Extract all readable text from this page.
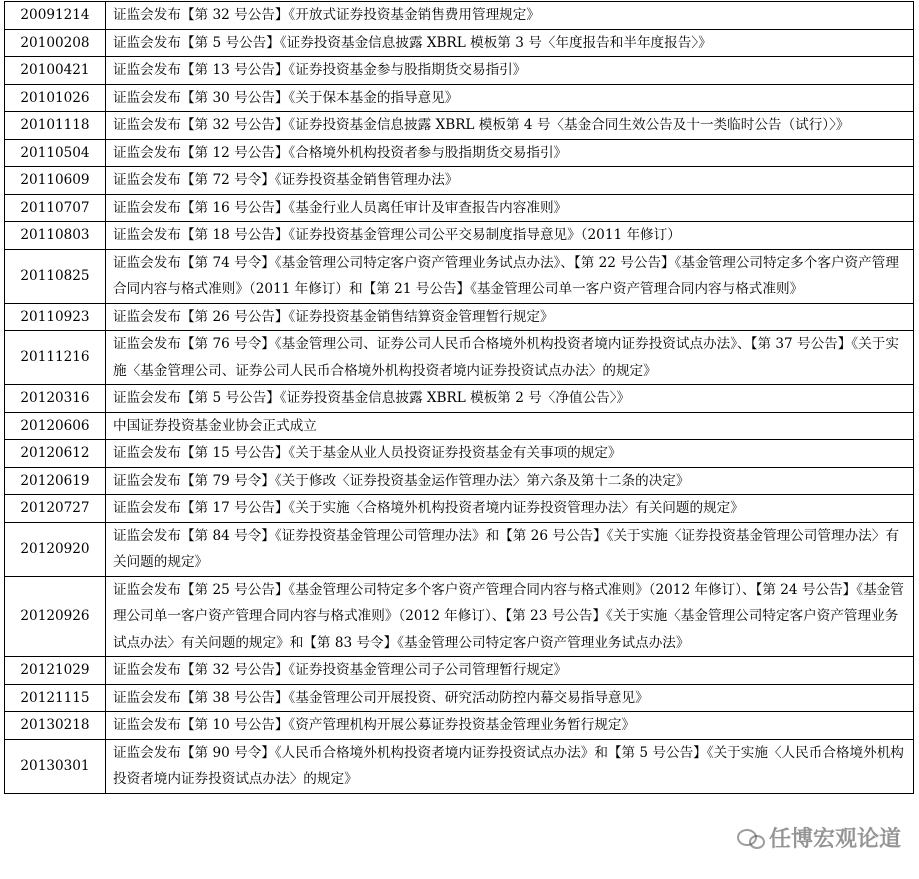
20091214	证监会发布【第 32 号公告】《开放式证券投资基金销售费用管理规定》
20100208	证监会发布【第 5 号公告】《证券投资基金信息披露 XBRL 模板第 3 号〈年度报告和半年度报告〉》
20100421	证监会发布【第 13 号公告】《证券投资基金参与股指期货交易指引》
20101026	证监会发布【第 30 号公告】《关于保本基金的指导意见》
20101118	证监会发布【第 32 号公告】《证券投资基金信息披露 XBRL 模板第 4 号〈基金合同生效公告及十一类临时公告（试行）〉》
20110504	证监会发布【第 12 号公告】《合格境外机构投资者参与股指期货交易指引》
20110609	证监会发布【第 72 号令】《证券投资基金销售管理办法》
20110707	证监会发布【第 16 号公告】《基金行业人员离任审计及审查报告内容准则》
20110803	证监会发布【第 18 号公告】《证券投资基金管理公司公平交易制度指导意见》（2011 年修订）
20110825	证监会发布【第 74 号令】《基金管理公司特定客户资产管理业务试点办法》、【第 22 号公告】《基金管理公司特定多个客户资产管理合同内容与格式准则》（2011 年修订）和【第 21 号公告】《基金管理公司单一客户资产管理合同内容与格式准则》
20110923	证监会发布【第 26 号公告】《证券投资基金销售结算资金管理暂行规定》
20111216	证监会发布【第 76 号令】《基金管理公司、证券公司人民币合格境外机构投资者境内证券投资试点办法》、【第 37 号公告】《关于实施〈基金管理公司、证券公司人民币合格境外机构投资者境内证券投资试点办法〉的规定》
20120316	证监会发布【第 5 号公告】《证券投资基金信息披露 XBRL 模板第 2 号〈净值公告〉》
20120606	中国证券投资基金业协会正式成立
20120612	证监会发布【第 15 号公告】《关于基金从业人员投资证券投资基金有关事项的规定》
20120619	证监会发布【第 79 号令】《关于修改〈证券投资基金运作管理办法〉第六条及第十二条的决定》
20120727	证监会发布【第 17 号公告】《关于实施〈合格境外机构投资者境内证券投资管理办法〉有关问题的规定》
20120920	证监会发布【第 84 号令】《证券投资基金管理公司管理办法》和【第 26 号公告】《关于实施〈证券投资基金管理公司管理办法〉有关问题的规定》
20120926	证监会发布【第 25 号公告】《基金管理公司特定多个客户资产管理合同内容与格式准则》（2012 年修订）、【第 24 号公告】《基金管理公司单一客户资产管理合同内容与格式准则》（2012 年修订）、【第 23 号公告】《关于实施〈基金管理公司特定客户资产管理业务试点办法〉有关问题的规定》和【第 83 号令】《基金管理公司特定客户资产管理业务试点办法》
20121029	证监会发布【第 32 号公告】《证券投资基金管理公司子公司管理暂行规定》
20121115	证监会发布【第 38 号公告】《基金管理公司开展投资、研究活动防控内幕交易指导意见》
20130218	证监会发布【第 10 号公告】《资产管理机构开展公募证券投资基金管理业务暂行规定》
20130301	证监会发布【第 90 号令】《人民币合格境外机构投资者境内证券投资试点办法》和【第 5 号公告】《关于实施〈人民币合格境外机构投资者境内证券投资试点办法〉的规定》
任博宏观论道
